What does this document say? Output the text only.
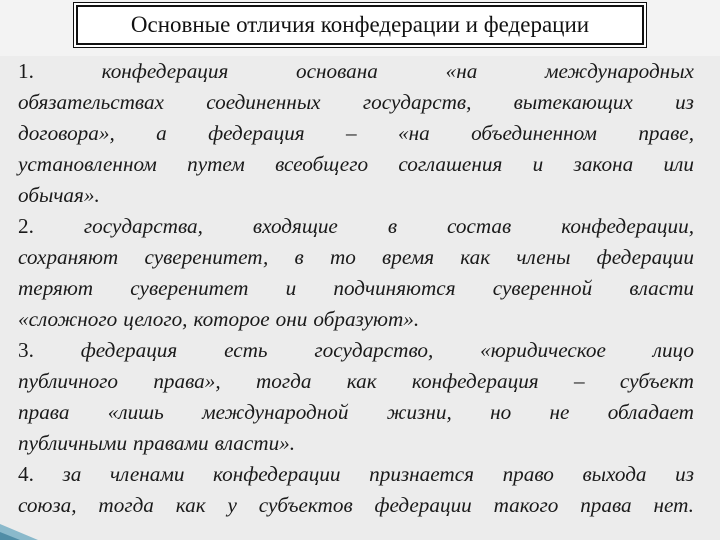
Основные отличия конфедерации и федерации
1.	конфедерация	основана	«на	международных
обязательствах соединенных государств, вытекающих из
договора», а федерация – «на объединенном праве,
установленном путем всеобщего соглашения и закона или
обычая».
2. государства, входящие в состав конфедерации,
сохраняют суверенитет, в то время как члены федерации
теряют суверенитет и подчиняются суверенной власти
«сложного целого, которое они образуют».
3. федерация есть государство, «юридическое лицо
публичного права», тогда как конфедерация – субъект
права «лишь международной жизни, но не обладает
публичными правами власти».
4. за членами конфедерации признается право выхода из
союза, тогда как у субъектов федерации такого права нет.
